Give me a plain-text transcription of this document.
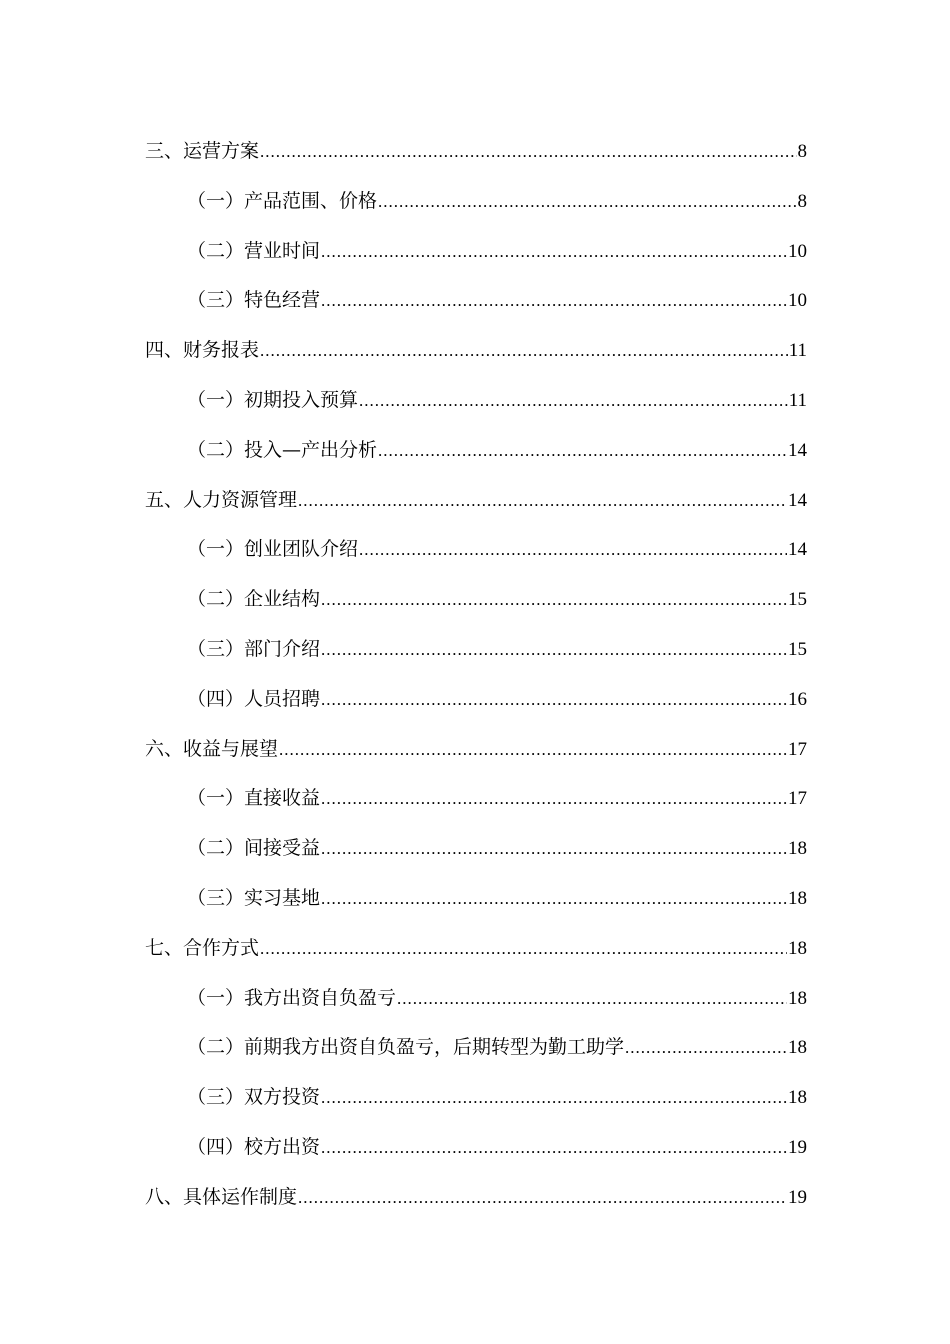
三、运营方案 .....	8
（一）产品范围、价格 .....	8
（二）营业时间 .....	10
（三）特色经营 .....	10
四、财务报表 .....	11
（一）初期投入预算 .....	11
（二）投入—产出分析 .....	14
五、人力资源管理 .....	14
（一）创业团队介绍 .....	14
（二）企业结构 .....	15
（三）部门介绍 .....	15
（四）人员招聘 .....	16
六、收益与展望 .....	17
（一）直接收益 .....	17
（二）间接受益 .....	18
（三）实习基地 .....	18
七、合作方式 .....	18
（一）我方出资自负盈亏 .....	18
（二）前期我方出资自负盈亏，后期转型为勤工助学 .....	18
（三）双方投资 .....	18
（四）校方出资 .....	19
八、具体运作制度 .....	19
